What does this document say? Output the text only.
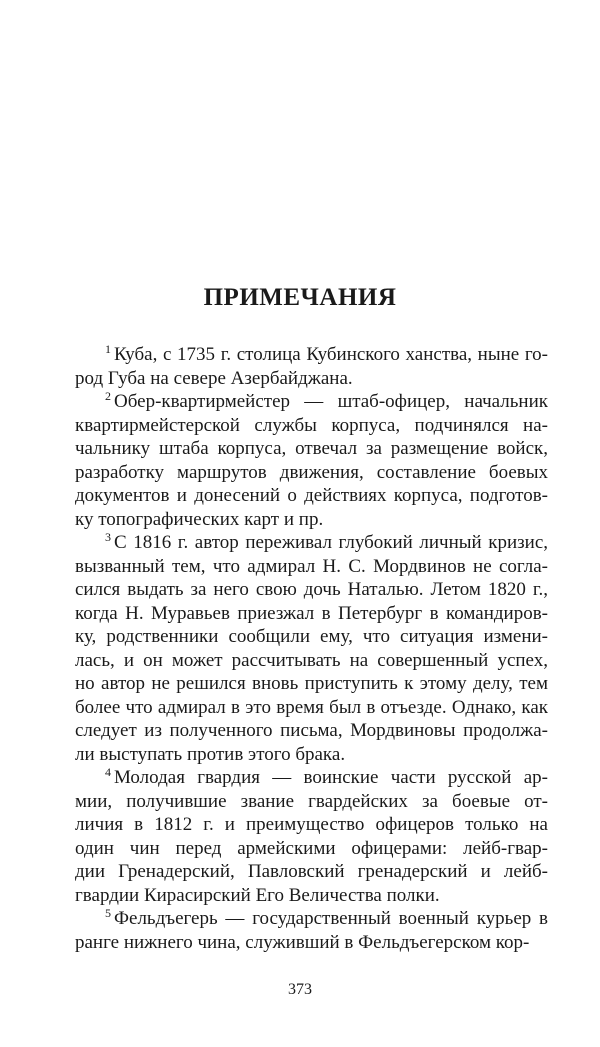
ПРИМЕЧАНИЯ
$^1$ Куба, с 1735 г. столица Кубинского ханства, ныне го-
род Губа на севере Азербайджана.
$^2$ Обер-квартирмейстер — штаб-офицер, начальник
квартирмейстерской службы корпуса, подчинялся на-
чальнику штаба корпуса, отвечал за размещение войск,
разработку маршрутов движения, составление боевых
документов и донесений о действиях корпуса, подготов-
ку топографических карт и пр.
$^3$ С 1816 г. автор переживал глубокий личный кризис,
вызванный тем, что адмирал Н. С. Мордвинов не согла-
сился выдать за него свою дочь Наталью. Летом 1820 г.,
когда Н. Муравьев приезжал в Петербург в командиров-
ку, родственники сообщили ему, что ситуация измени-
лась, и он может рассчитывать на совершенный успех,
но автор не решился вновь приступить к этому делу, тем
более что адмирал в это время был в отъезде. Однако, как
следует из полученного письма, Мордвиновы продолжа-
ли выступать против этого брака.
$^4$ Молодая гвардия — воинские части русской ар-
мии, получившие звание гвардейских за боевые от-
личия в 1812 г. и преимущество офицеров только на
один чин перед армейскими офицерами: лейб-гвар-
дии Гренадерский, Павловский гренадерский и лейб-
гвардии Кирасирский Его Величества полки.
$^5$ Фельдъегерь — государственный военный курьер в
ранге нижнего чина, служивший в Фельдъегерском кор-
373
